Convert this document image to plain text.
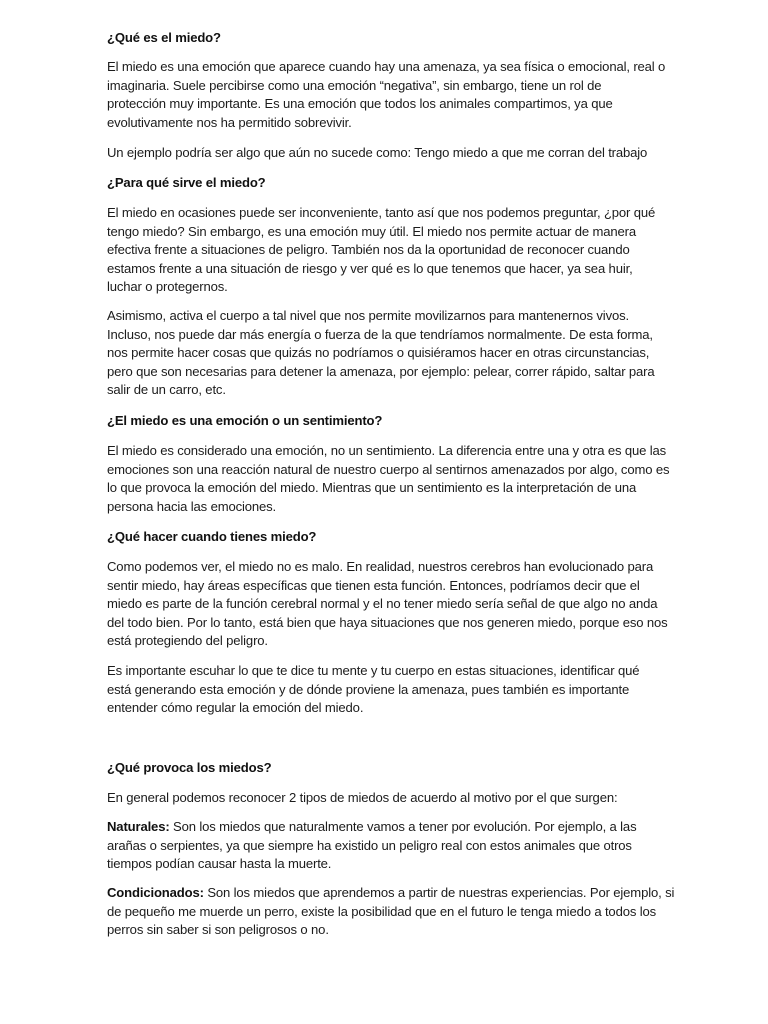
¿Qué es el miedo?

El miedo es una emoción que aparece cuando hay una amenaza, ya sea física o emocional, real o
imaginaria. Suele percibirse como una emoción “negativa”, sin embargo, tiene un rol de
protección muy importante. Es una emoción que todos los animales compartimos, ya que
evolutivamente nos ha permitido sobrevivir.

Un ejemplo podría ser algo que aún no sucede como: Tengo miedo a que me corran del trabajo

¿Para qué sirve el miedo?

El miedo en ocasiones puede ser inconveniente, tanto así que nos podemos preguntar, ¿por qué
tengo miedo? Sin embargo, es una emoción muy útil. El miedo nos permite actuar de manera
efectiva frente a situaciones de peligro. También nos da la oportunidad de reconocer cuando
estamos frente a una situación de riesgo y ver qué es lo que tenemos que hacer, ya sea huir,
luchar o protegernos.

Asimismo, activa el cuerpo a tal nivel que nos permite movilizarnos para mantenernos vivos.
Incluso, nos puede dar más energía o fuerza de la que tendríamos normalmente. De esta forma,
nos permite hacer cosas que quizás no podríamos o quisiéramos hacer en otras circunstancias,
pero que son necesarias para detener la amenaza, por ejemplo: pelear, correr rápido, saltar para
salir de un carro, etc.

¿El miedo es una emoción o un sentimiento?

El miedo es considerado una emoción, no un sentimiento. La diferencia entre una y otra es que las
emociones son una reacción natural de nuestro cuerpo al sentirnos amenazados por algo, como es
lo que provoca la emoción del miedo. Mientras que un sentimiento es la interpretación de una
persona hacia las emociones.

¿Qué hacer cuando tienes miedo?

Como podemos ver, el miedo no es malo. En realidad, nuestros cerebros han evolucionado para
sentir miedo, hay áreas específicas que tienen esta función. Entonces, podríamos decir que el
miedo es parte de la función cerebral normal y el no tener miedo sería señal de que algo no anda
del todo bien. Por lo tanto, está bien que haya situaciones que nos generen miedo, porque eso nos
está protegiendo del peligro.

Es importante escuhar lo que te dice tu mente y tu cuerpo en estas situaciones, identificar qué
está generando esta emoción y de dónde proviene la amenaza, pues también es importante
entender cómo regular la emoción del miedo.

¿Qué provoca los miedos?

En general podemos reconocer 2 tipos de miedos de acuerdo al motivo por el que surgen:

Naturales: Son los miedos que naturalmente vamos a tener por evolución. Por ejemplo, a las
arañas o serpientes, ya que siempre ha existido un peligro real con estos animales que otros
tiempos podían causar hasta la muerte.

Condicionados: Son los miedos que aprendemos a partir de nuestras experiencias. Por ejemplo, si
de pequeño me muerde un perro, existe la posibilidad que en el futuro le tenga miedo a todos los
perros sin saber si son peligrosos o no.
